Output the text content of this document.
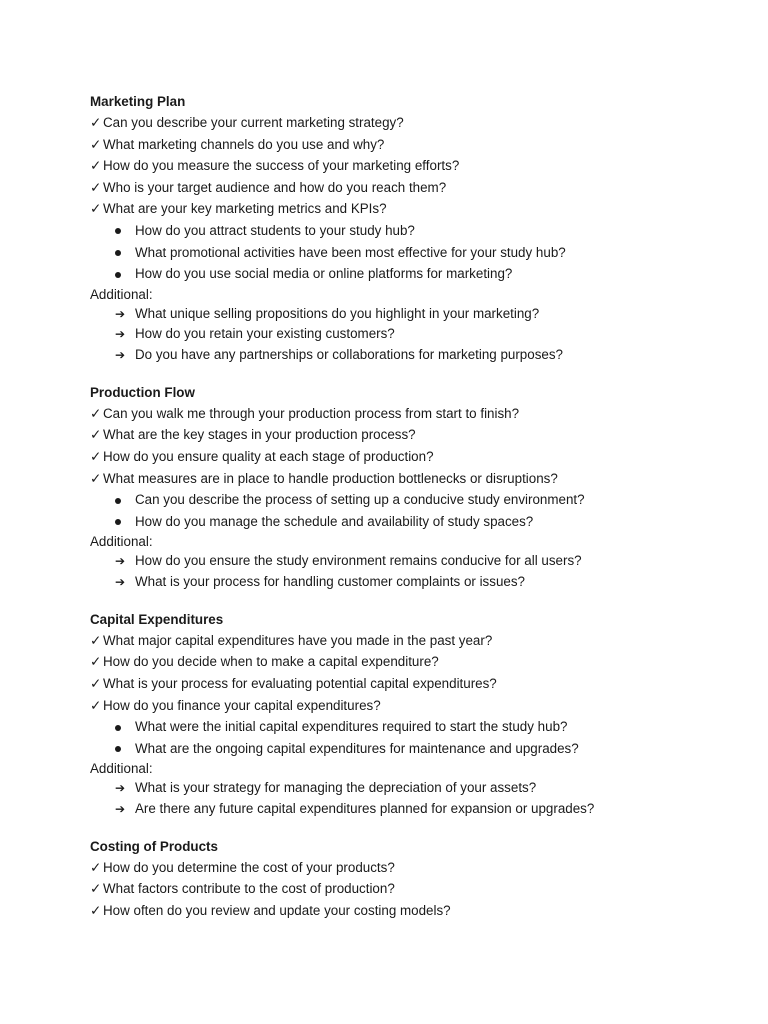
Marketing Plan
✓ Can you describe your current marketing strategy?
✓ What marketing channels do you use and why?
✓ How do you measure the success of your marketing efforts?
✓ Who is your target audience and how do you reach them?
✓ What are your key marketing metrics and KPIs?
How do you attract students to your study hub?
What promotional activities have been most effective for your study hub?
How do you use social media or online platforms for marketing?
Additional:
➔ What unique selling propositions do you highlight in your marketing?
➔ How do you retain your existing customers?
➔ Do you have any partnerships or collaborations for marketing purposes?
Production Flow
✓ Can you walk me through your production process from start to finish?
✓ What are the key stages in your production process?
✓ How do you ensure quality at each stage of production?
✓ What measures are in place to handle production bottlenecks or disruptions?
Can you describe the process of setting up a conducive study environment?
How do you manage the schedule and availability of study spaces?
Additional:
➔ How do you ensure the study environment remains conducive for all users?
➔ What is your process for handling customer complaints or issues?
Capital Expenditures
✓ What major capital expenditures have you made in the past year?
✓ How do you decide when to make a capital expenditure?
✓ What is your process for evaluating potential capital expenditures?
✓ How do you finance your capital expenditures?
What were the initial capital expenditures required to start the study hub?
What are the ongoing capital expenditures for maintenance and upgrades?
Additional:
➔ What is your strategy for managing the depreciation of your assets?
➔ Are there any future capital expenditures planned for expansion or upgrades?
Costing of Products
✓ How do you determine the cost of your products?
✓ What factors contribute to the cost of production?
✓ How often do you review and update your costing models?
